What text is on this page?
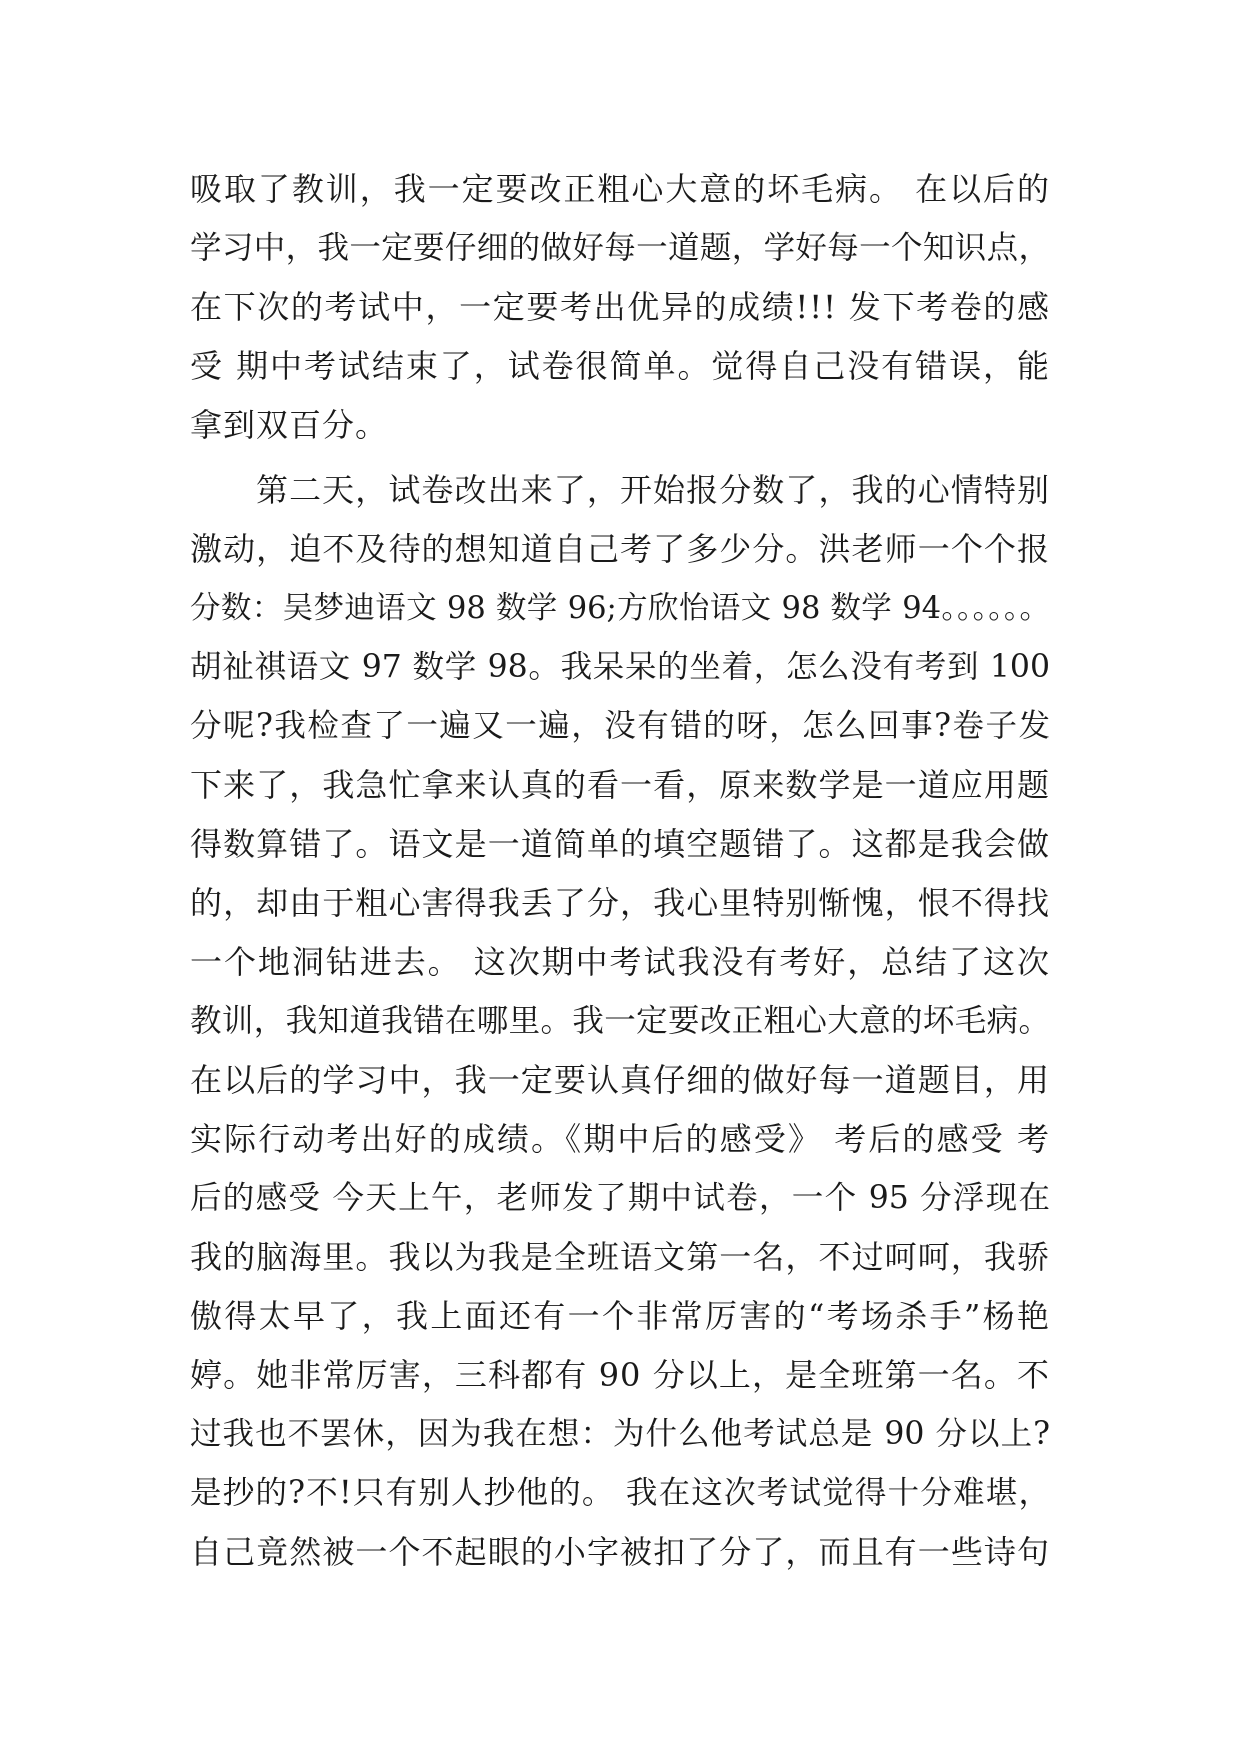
吸取了教训，我一定要改正粗心大意的坏毛病。 在以后的
学习中，我一定要仔细的做好每一道题，学好每一个知识点，
在下次的考试中，一定要考出优异的成绩!!! 发下考卷的感
受 期中考试结束了，试卷很简单。觉得自己没有错误，能
拿到双百分。
第二天，试卷改出来了，开始报分数了，我的心情特别
激动，迫不及待的想知道自己考了多少分。洪老师一个个报
分数：吴梦迪语文 98 数学 96;方欣怡语文 98 数学 94。。。。。。
胡祉祺语文 97 数学 98。我呆呆的坐着，怎么没有考到 100
分呢?我检查了一遍又一遍，没有错的呀，怎么回事?卷子发
下来了，我急忙拿来认真的看一看，原来数学是一道应用题
得数算错了。语文是一道简单的填空题错了。这都是我会做
的，却由于粗心害得我丢了分，我心里特别惭愧，恨不得找
一个地洞钻进去。 这次期中考试我没有考好，总结了这次
教训，我知道我错在哪里。我一定要改正粗心大意的坏毛病。
在以后的学习中，我一定要认真仔细的做好每一道题目，用
实际行动考出好的成绩。《期中后的感受》 考后的感受 考
后的感受 今天上午，老师发了期中试卷，一个 95 分浮现在
我的脑海里。我以为我是全班语文第一名，不过呵呵，我骄
傲得太早了，我上面还有一个非常厉害的“考场杀手”杨艳
婷。她非常厉害，三科都有 90 分以上，是全班第一名。不
过我也不罢休，因为我在想：为什么他考试总是 90 分以上?
是抄的?不!只有别人抄他的。 我在这次考试觉得十分难堪，
自己竟然被一个不起眼的小字被扣了分了，而且有一些诗句
